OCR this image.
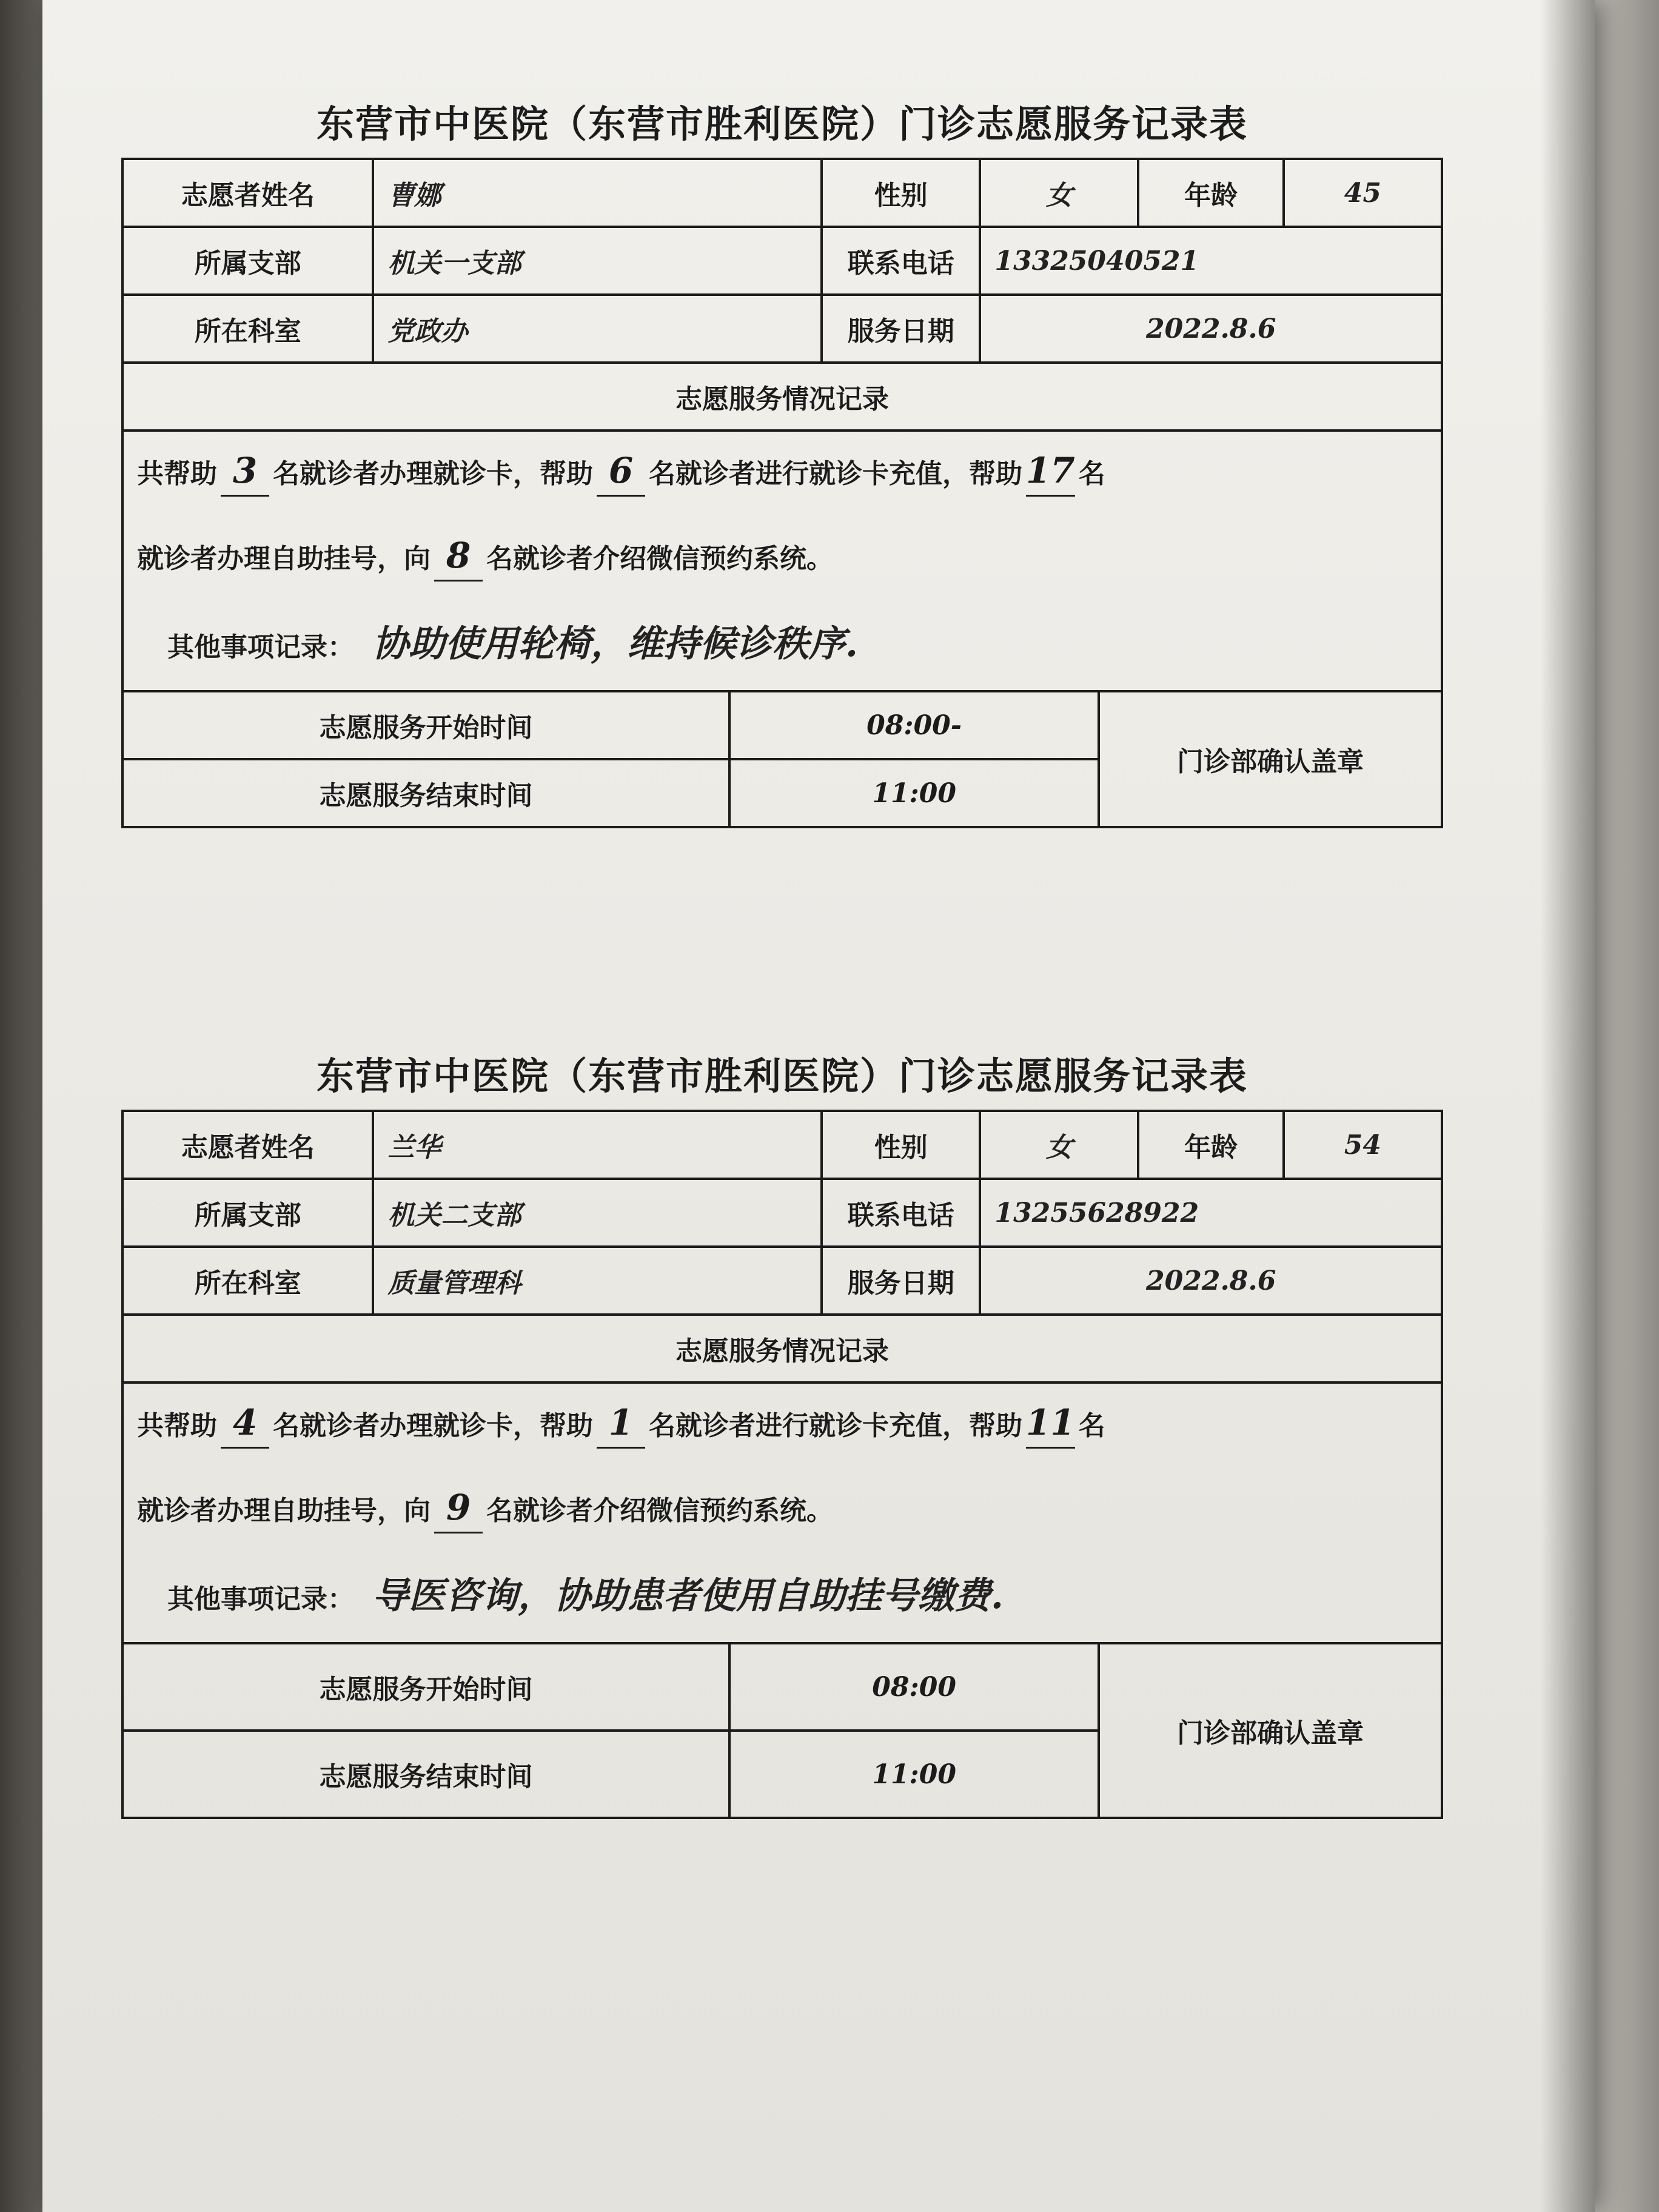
东营市中医院（东营市胜利医院）门诊志愿服务记录表
志愿者姓名	曹娜	性别	女	年龄	45
所属支部	机关一支部	联系电话	13325040521		
所在科室	党政办	服务日期	2022.8.6		
志愿服务情况记录					

共帮助 3 名就诊者办理就诊卡，帮助 6 名就诊者进行就诊卡充值，帮助 17 名
就诊者办理自助挂号，向 8 名就诊者介绍微信预约系统。
其他事项记录： 协助使用轮椅，维持候诊秩序.					
志愿服务开始时间	08:00-	门诊部确认盖章
志愿服务结束时间	11:00	
东营市中医院（东营市胜利医院）门诊志愿服务记录表
志愿者姓名	兰华	性别	女	年龄	54
所属支部	机关二支部	联系电话	13255628922		
所在科室	质量管理科	服务日期	2022.8.6		
志愿服务情况记录					

共帮助 4 名就诊者办理就诊卡，帮助 1 名就诊者进行就诊卡充值，帮助 11 名
就诊者办理自助挂号，向 9 名就诊者介绍微信预约系统。
其他事项记录： 导医咨询，协助患者使用自助挂号缴费.					
志愿服务开始时间	08:00	门诊部确认盖章
志愿服务结束时间	11:00	
